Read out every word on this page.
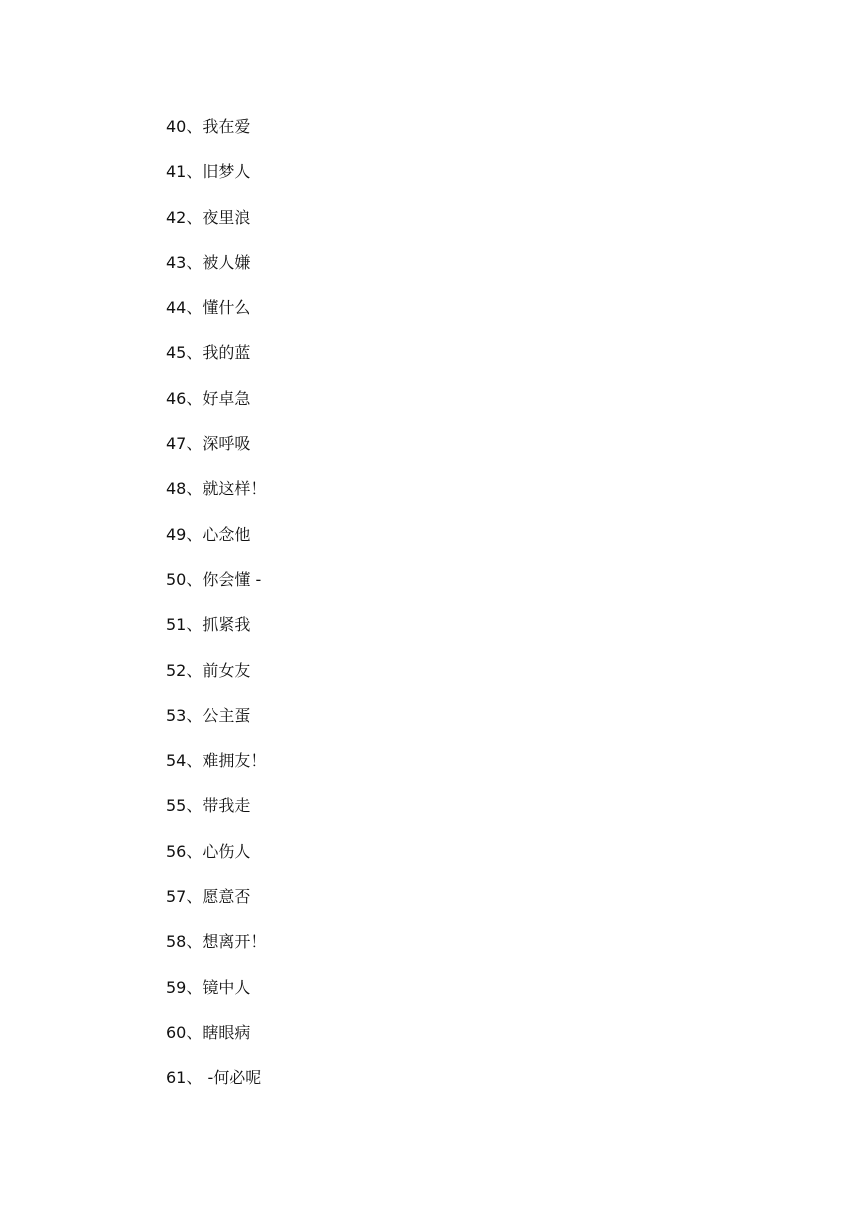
40、我在爱
41、旧梦人
42、夜里浪
43、被人嫌
44、懂什么
45、我的蓝
46、好卓急
47、深呼吸
48、就这样！
49、心念他
50、你会懂 -
51、抓紧我
52、前女友
53、公主蛋
54、难拥友！
55、带我走
56、心伤人
57、愿意否
58、想离开！
59、镜中人
60、瞎眼病
61、 -何必呢
